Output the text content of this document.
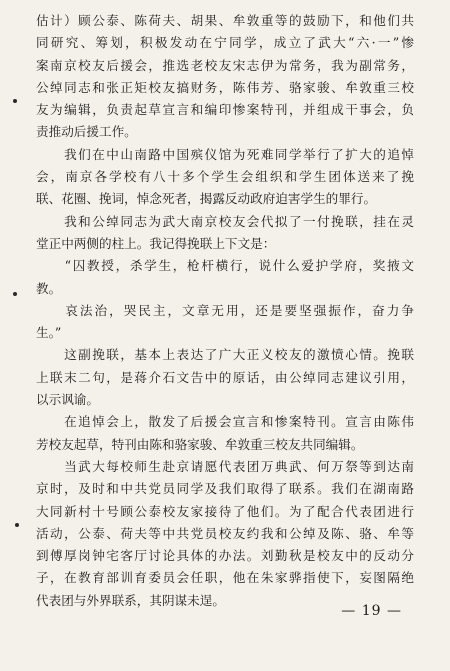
估计）顾公泰、陈荷夫、胡果、牟敦重等的鼓励下，和他们共
同研究、筹划，积极发动在宁同学，成立了武大“六·一”惨
案南京校友后援会，推选老校友宋志伊为常务，我为副常务，
公绰同志和张正矩校友搞财务，陈伟芳、骆家骏、牟敦重三校
友为编辑，负责起草宣言和编印惨案特刊，并组成干事会，负
责推动后援工作。
　　我们在中山南路中国殡仪馆为死难同学举行了扩大的追悼
会，南京各学校有八十多个学生会组织和学生团体送来了挽
联、花圈、挽词，悼念死者，揭露反动政府迫害学生的罪行。
　　我和公绰同志为武大南京校友会代拟了一付挽联，挂在灵
堂正中两侧的柱上。我记得挽联上下文是：
　　“囚教授，杀学生，枪杆横行，说什么爱护学府，奖掖文
教。
　　哀法治，哭民主，文章无用，还是要坚强振作，奋力争
生。”
　　这副挽联，基本上表达了广大正义校友的激愤心情。挽联
上联末二句，是蒋介石文告中的原话，由公绰同志建议引用，
以示讽谕。
　　在追悼会上，散发了后援会宣言和惨案特刊。宣言由陈伟
芳校友起草，特刊由陈和骆家骏、牟敦重三校友共同编辑。
　　当武大每校师生赴京请愿代表团万典武、何万祭等到达南
京时，及时和中共党员同学及我们取得了联系。我们在湖南路
大同新村十号顾公泰校友家接待了他们。为了配合代表团进行
活动，公泰、荷夫等中共党员校友约我和公绰及陈、骆、牟等
到傅厚岗钟宅客厅讨论具体的办法。刘勤秋是校友中的反动分
子，在教育部训育委员会任职，他在朱家骅指使下，妄图隔绝
代表团与外界联系，其阴谋未逞。
— 19 —
